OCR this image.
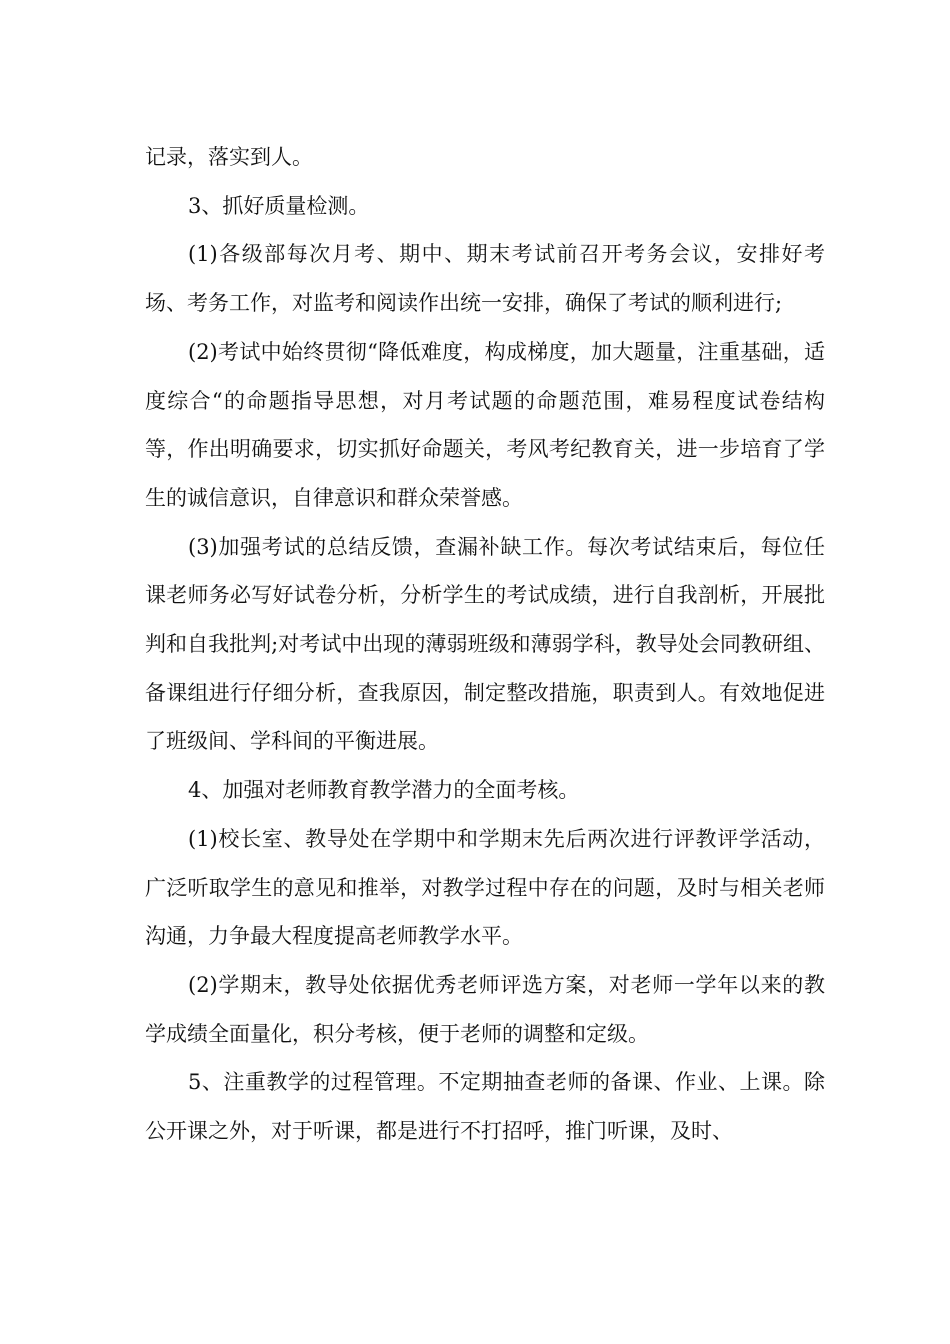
记录，落实到人。

3、抓好质量检测。

(1)各级部每次月考、期中、期末考试前召开考务会议，安排好考场、考务工作，对监考和阅读作出统一安排，确保了考试的顺利进行;

(2)考试中始终贯彻“降低难度，构成梯度，加大题量，注重基础，适度综合“的命题指导思想，对月考试题的命题范围，难易程度试卷结构等，作出明确要求，切实抓好命题关，考风考纪教育关，进一步培育了学生的诚信意识，自律意识和群众荣誉感。

(3)加强考试的总结反馈，查漏补缺工作。每次考试结束后，每位任课老师务必写好试卷分析，分析学生的考试成绩，进行自我剖析，开展批判和自我批判;对考试中出现的薄弱班级和薄弱学科，教导处会同教研组、备课组进行仔细分析，查我原因，制定整改措施，职责到人。有效地促进了班级间、学科间的平衡进展。

4、加强对老师教育教学潜力的全面考核。

(1)校长室、教导处在学期中和学期末先后两次进行评教评学活动，广泛听取学生的意见和推举，对教学过程中存在的问题，及时与相关老师沟通，力争最大程度提高老师教学水平。

(2)学期末，教导处依据优秀老师评选方案，对老师一学年以来的教学成绩全面量化，积分考核，便于老师的调整和定级。

5、注重教学的过程管理。不定期抽查老师的备课、作业、上课。除公开课之外，对于听课，都是进行不打招呼，推门听课，及时、
